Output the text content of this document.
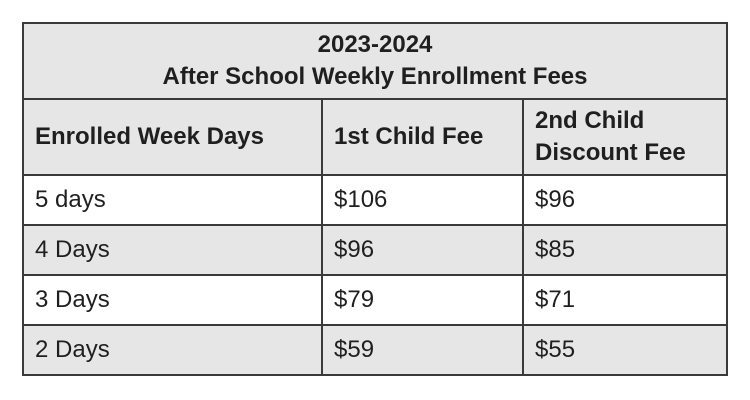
2023-2024
After School Weekly Enrollment Fees		

Enrolled Week Days	1st Child Fee	2nd Child Discount Fee
5 days	$106	$96
4 Days	$96	$85
3 Days	$79	$71
2 Days	$59	$55
